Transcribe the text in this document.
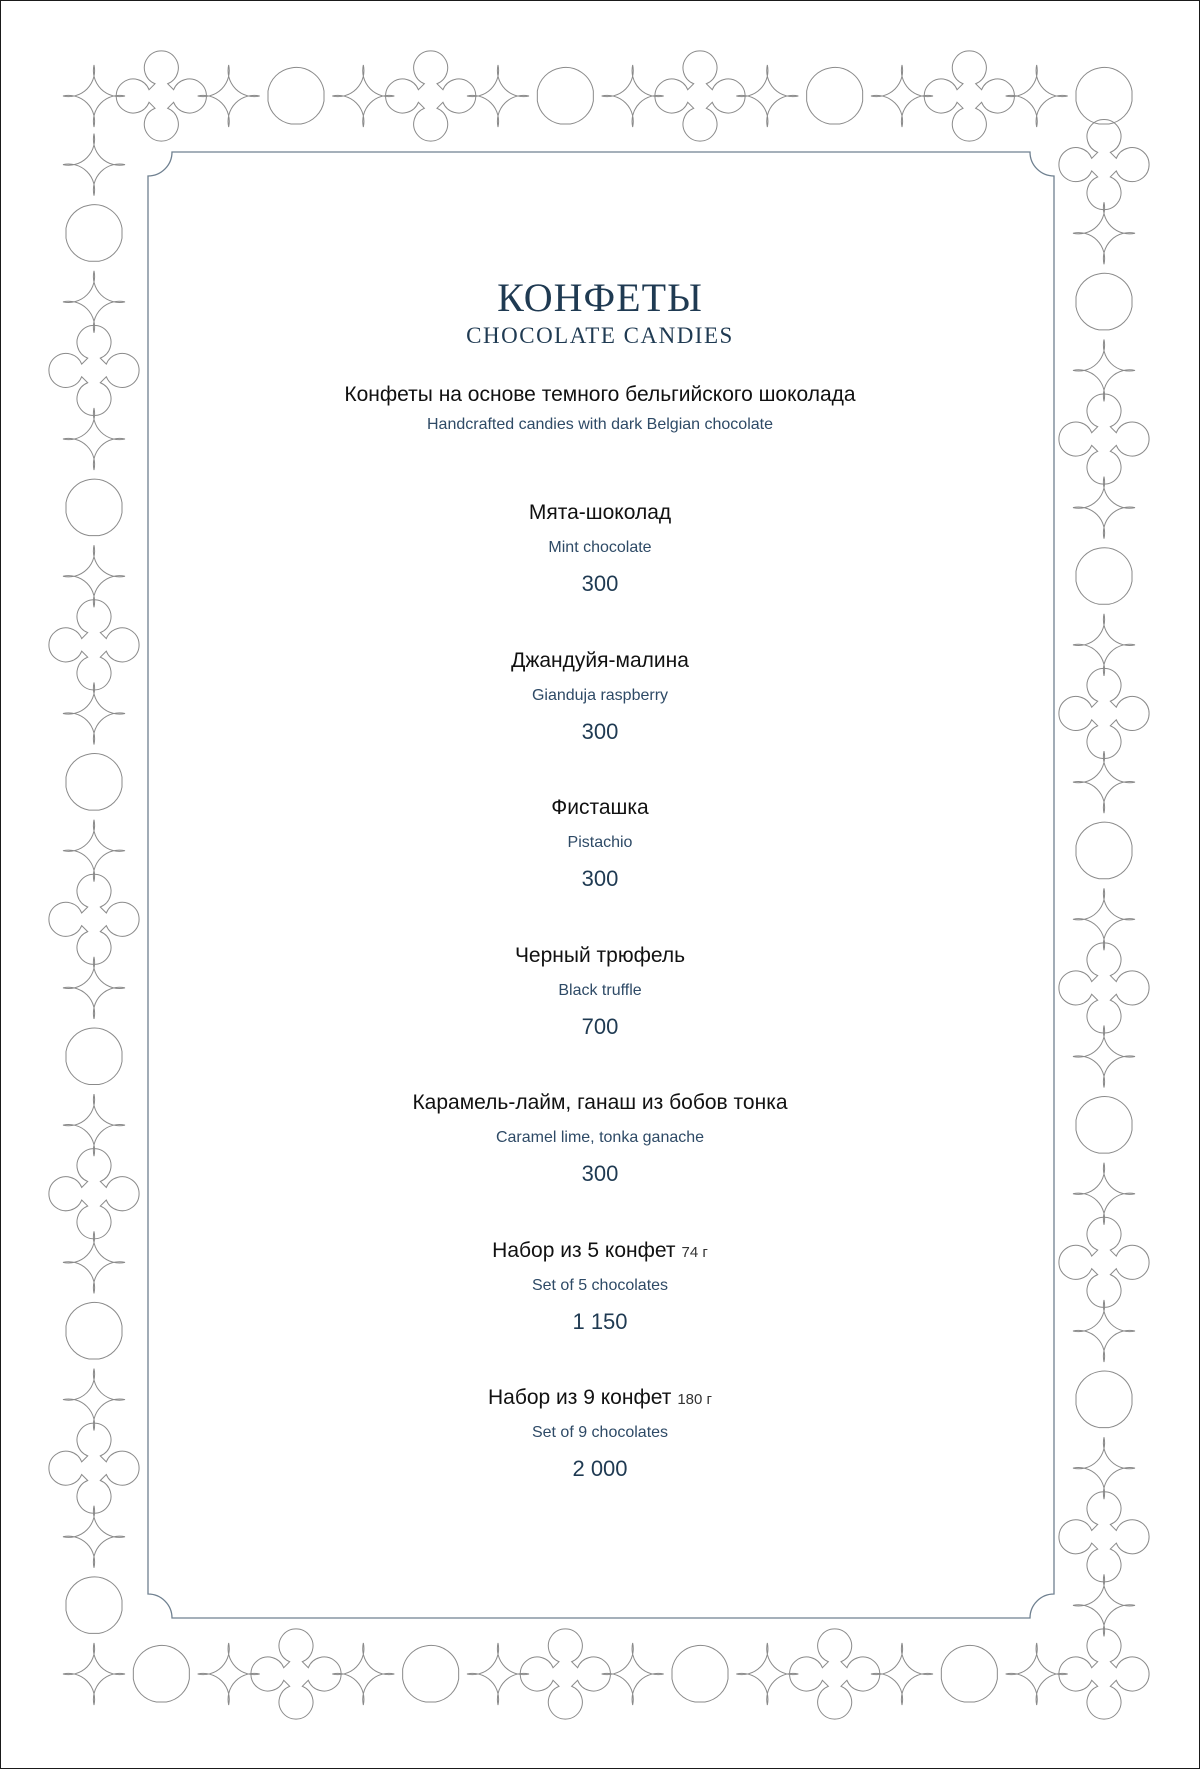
КОНФЕТЫ
CHOCOLATE CANDIES
Конфеты на основе темного бельгийского шоколада
Handcrafted candies with dark Belgian chocolate
Мята-шоколад
Mint chocolate
300
Джандуйя-малина
Gianduja raspberry
300
Фисташка
Pistachio
300
Черный трюфель
Black truffle
700
Карамель-лайм, ганаш из бобов тонка
Caramel lime, tonka ganache
300
Набор из 5 конфет 74 г
Set of 5 chocolates
1 150
Набор из 9 конфет 180 г
Set of 9 chocolates
2 000
